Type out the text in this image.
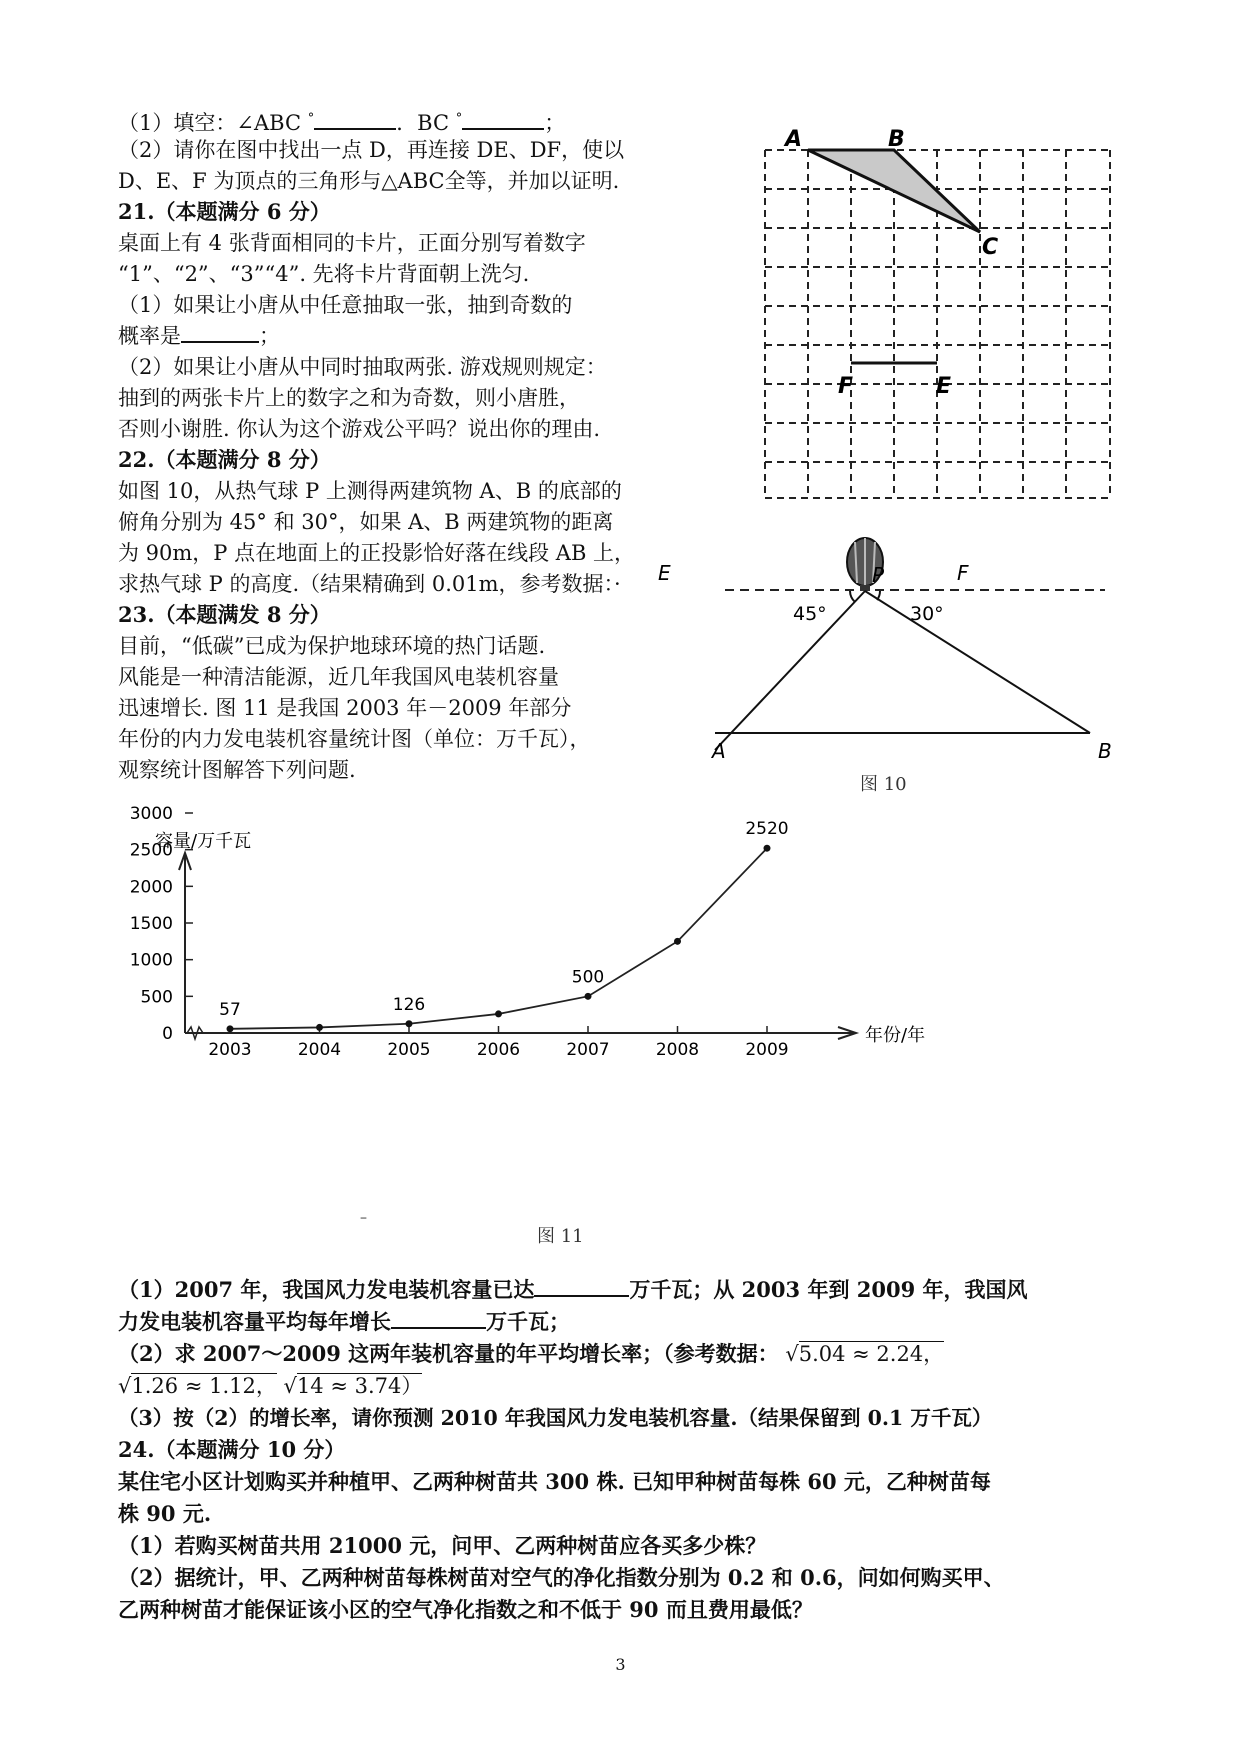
（1）填空：∠ABC °	．BC °	；
（2）请你在图中找出一点 D，再连接 DE、DF，使以
D、E、F 为顶点的三角形与△ABC全等，并加以证明.
21.（本题满分 6 分）
桌面上有 4 张背面相同的卡片，正面分别写着数字
“1”、“2”、“3”“4”. 先将卡片背面朝上洗匀.
（1）如果让小唐从中任意抽取一张，抽到奇数的
概率是	；
（2）如果让小唐从中同时抽取两张. 游戏规则规定：
抽到的两张卡片上的数字之和为奇数，则小唐胜，
否则小谢胜. 你认为这个游戏公平吗？说出你的理由.
22.（本题满分 8 分）
如图 10，从热气球 P 上测得两建筑物 A、B 的底部的
俯角分别为 45° 和 30°，如果 A、B 两建筑物的距离
为 90m，P 点在地面上的正投影恰好落在线段 AB 上，
求热气球 P 的高度.（结果精确到 0.01m，参考数据：·
23.（本题满发 8 分）
目前，“低碳”已成为保护地球环境的热门话题.
风能是一种清洁能源，近几年我国风电装机容量
迅速增长. 图 11 是我国 2003 年－2009 年部分
年份的内力发电装机容量统计图（单位：万千瓦），
观察统计图解答下列问题.
A	B
C
F	E
E	F
P
45°	30°
A	B
图 10
0
500
1000
1500
2000
2500
3000
容量/万千瓦
2003	2004	2005	2006	2007	2008	2009
年份/年
57	126
500
2520
图 11
–
（1）2007 年，我国风力发电装机容量已达	万千瓦；从 2003 年到 2009 年，我国风
力发电装机容量平均每年增长	万千瓦；
（2）求 2007～2009 这两年装机容量的年平均增长率；（参考数据： √5.04 ≈ 2.24，
√1.26 ≈ 1.12， √14 ≈ 3.74）
（3）按（2）的增长率，请你预测 2010 年我国风力发电装机容量.（结果保留到 0.1 万千瓦）
24.（本题满分 10 分）
某住宅小区计划购买并种植甲、乙两种树苗共 300 株. 已知甲种树苗每株 60 元，乙种树苗每
株 90 元.
（1）若购买树苗共用 21000 元，问甲、乙两种树苗应各买多少株？
（2）据统计，甲、乙两种树苗每株树苗对空气的净化指数分别为 0.2 和 0.6，问如何购买甲、
乙两种树苗才能保证该小区的空气净化指数之和不低于 90 而且费用最低？
3
